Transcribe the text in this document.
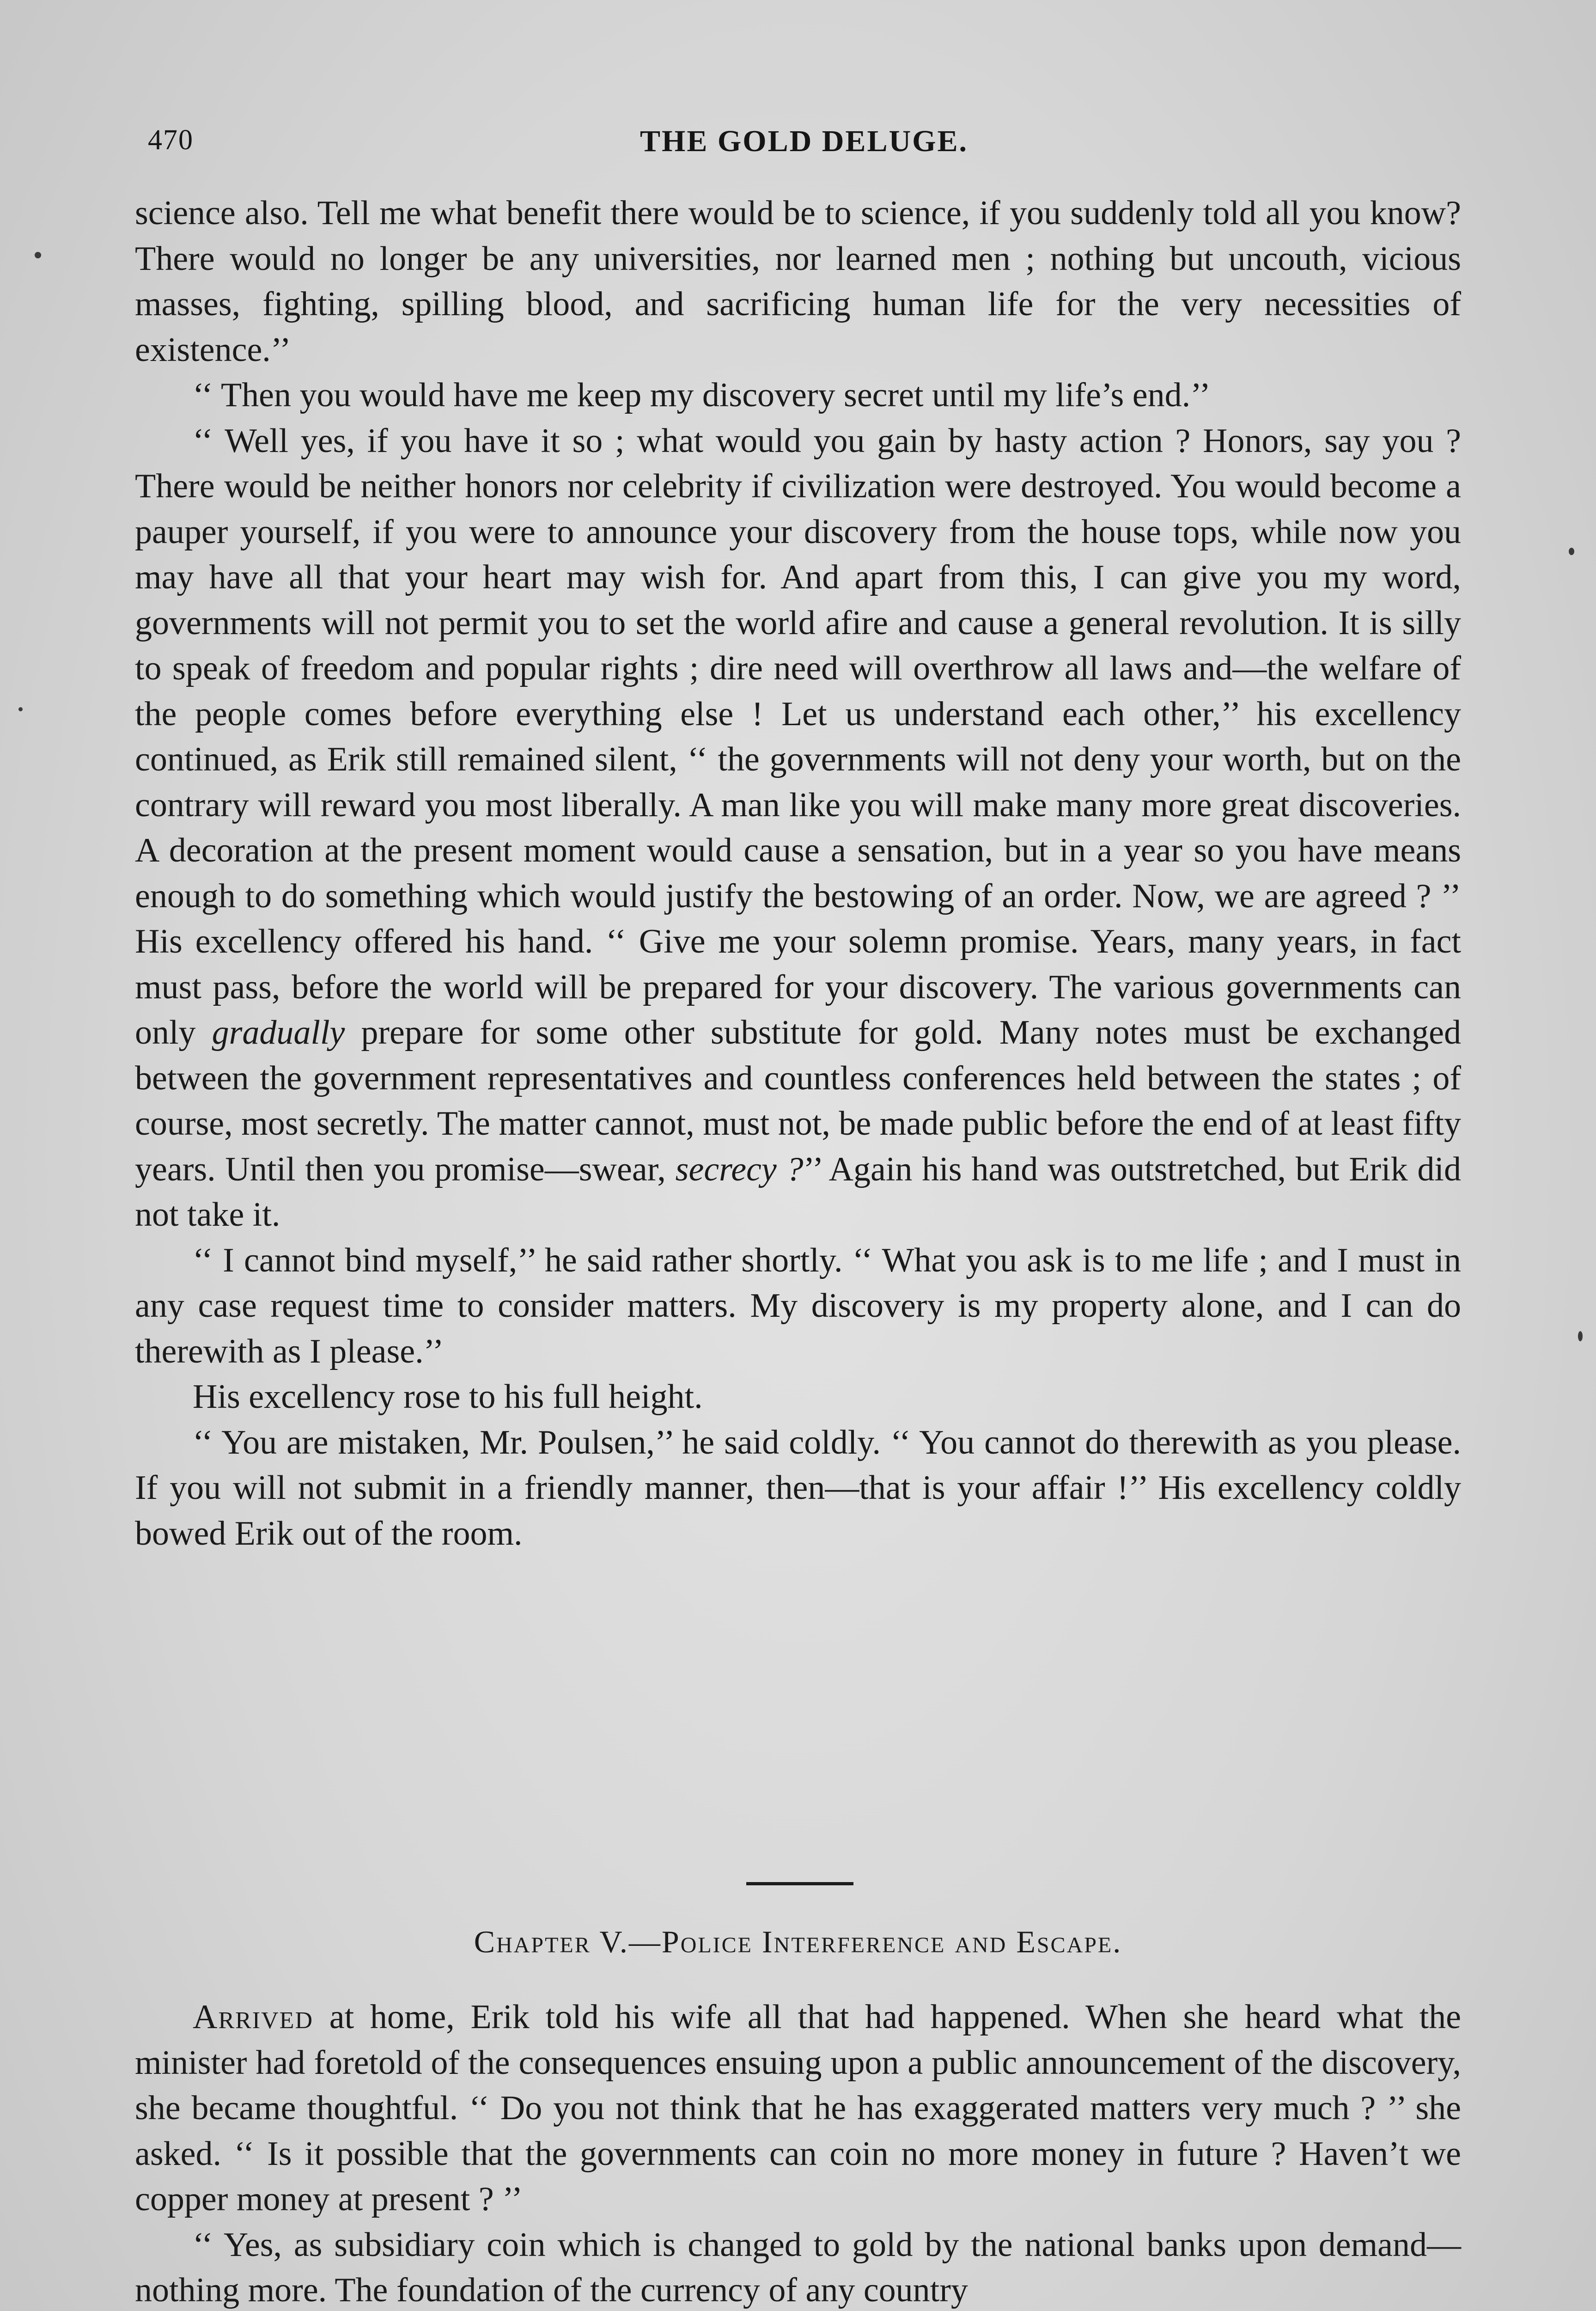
470	THE GOLD DELUGE.

science also. Tell me what benefit there would be to science, if you suddenly told all you know? There would no longer be any universities, nor learned men ; nothing but uncouth, vicious masses, fighting, spilling blood, and sacrificing human life for the very necessities of existence.’’

‘‘ Then you would have me keep my discovery secret until my life’s end.’’

‘‘ Well yes, if you have it so ; what would you gain by hasty action ? Honors, say you ? There would be neither honors nor celebrity if civilization were destroyed. You would become a pauper yourself, if you were to announce your discovery from the house tops, while now you may have all that your heart may wish for. And apart from this, I can give you my word, governments will not permit you to set the world afire and cause a general revolution. It is silly to speak of freedom and popular rights ; dire need will overthrow all laws and—the welfare of the people comes before everything else ! Let us understand each other,’’ his excellency continued, as Erik still remained silent, ‘‘ the governments will not deny your worth, but on the contrary will reward you most liberally. A man like you will make many more great discoveries. A decoration at the present moment would cause a sensation, but in a year so you have means enough to do something which would justify the bestowing of an order. Now, we are agreed ? ’’ His excellency offered his hand. ‘‘ Give me your solemn promise. Years, many years, in fact must pass, before the world will be prepared for your discovery. The various governments can only gradually prepare for some other substitute for gold. Many notes must be exchanged between the government representatives and countless conferences held between the states ; of course, most secretly. The matter cannot, must not, be made public before the end of at least fifty years. Until then you promise—swear, secrecy ?’’ Again his hand was outstretched, but Erik did not take it.

‘‘ I cannot bind myself,’’ he said rather shortly. ‘‘ What you ask is to me life ; and I must in any case request time to consider matters. My discovery is my property alone, and I can do therewith as I please.’’

His excellency rose to his full height.

‘‘ You are mistaken, Mr. Poulsen,’’ he said coldly. ‘‘ You cannot do therewith as you please. If you will not submit in a friendly manner, then—that is your affair !’’ His excellency coldly bowed Erik out of the room.

Chapter V.—Police Interference and Escape.

Arrived at home, Erik told his wife all that had happened. When she heard what the minister had foretold of the consequences ensuing upon a public announcement of the discovery, she became thoughtful. ‘‘ Do you not think that he has exaggerated matters very much ? ’’ she asked. ‘‘ Is it possible that the governments can coin no more money in future ? Haven’t we copper money at present ? ’’

‘‘ Yes, as subsidiary coin which is changed to gold by the national banks upon demand—nothing more. The foundation of the currency of any country
